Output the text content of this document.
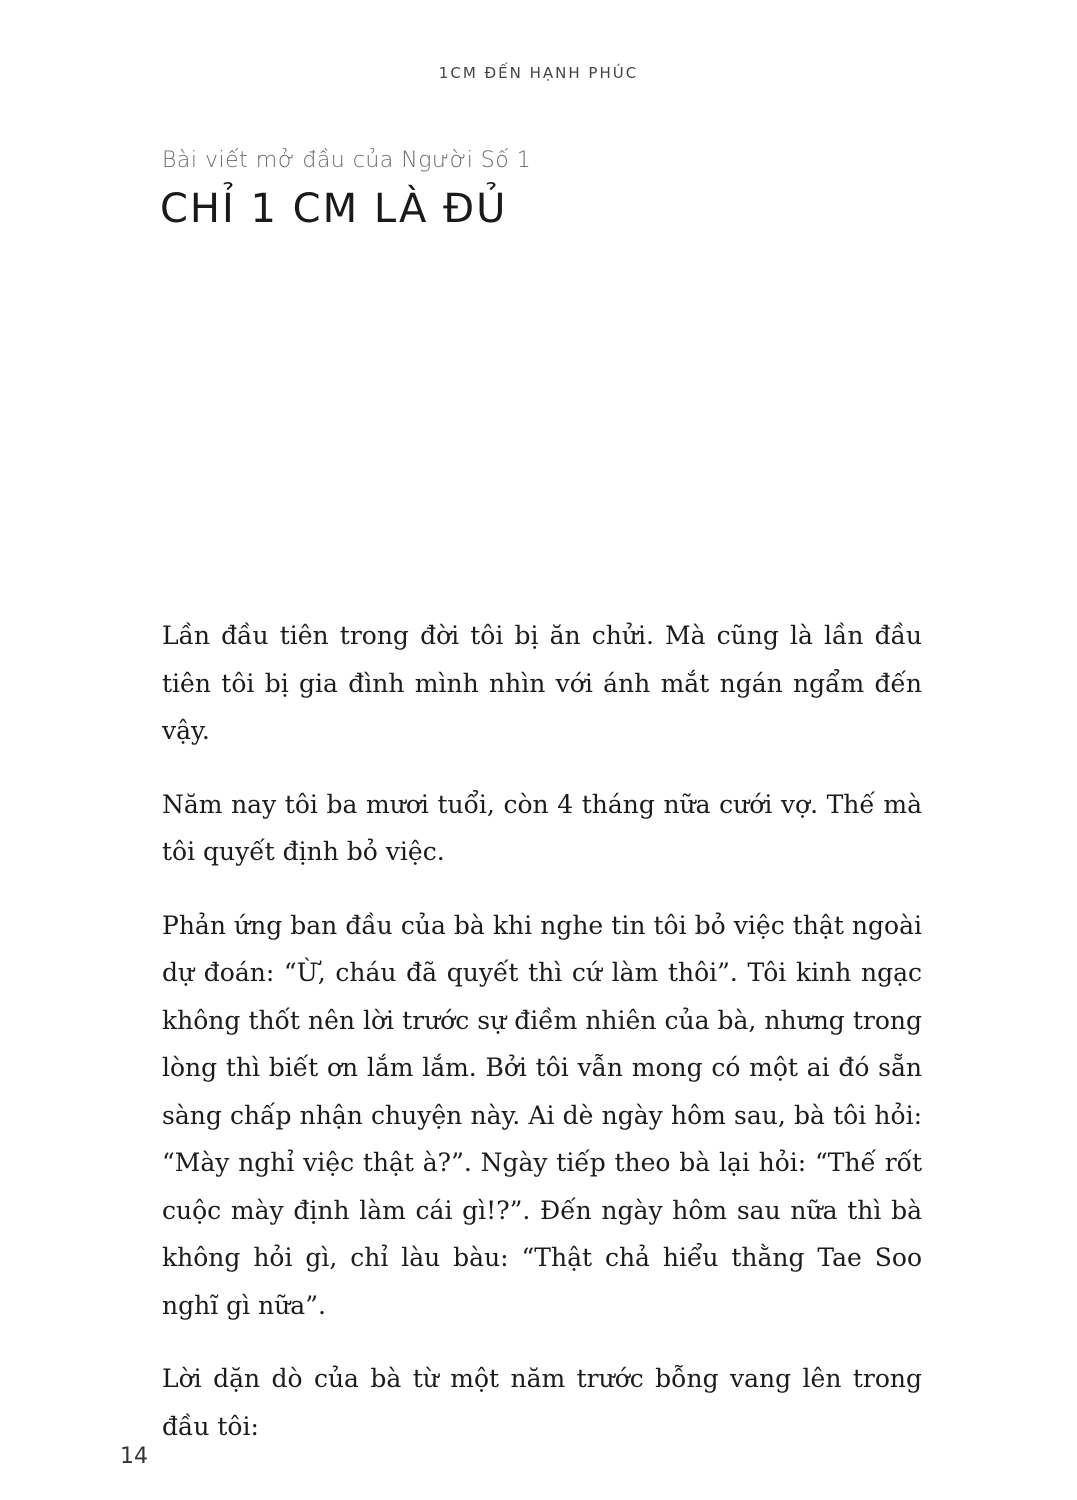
1CM ĐẾN HẠNH PHÚC
Bài viết mở đầu của Người Số 1
CHỈ 1 CM LÀ ĐỦ

Lần đầu tiên trong đời tôi bị ăn chửi. Mà cũng là lần đầu tiên tôi bị gia đình mình nhìn với ánh mắt ngán ngẩm đến vậy.

Năm nay tôi ba mươi tuổi, còn 4 tháng nữa cưới vợ. Thế mà tôi quyết định bỏ việc.

Phản ứng ban đầu của bà khi nghe tin tôi bỏ việc thật ngoài dự đoán: “Ừ, cháu đã quyết thì cứ làm thôi”. Tôi kinh ngạc không thốt nên lời trước sự điềm nhiên của bà, nhưng trong lòng thì biết ơn lắm lắm. Bởi tôi vẫn mong có một ai đó sẵn sàng chấp nhận chuyện này. Ai dè ngày hôm sau, bà tôi hỏi: “Mày nghỉ việc thật à?”. Ngày tiếp theo bà lại hỏi: “Thế rốt cuộc mày định làm cái gì!?”. Đến ngày hôm sau nữa thì bà không hỏi gì, chỉ làu bàu: “Thật chả hiểu thằng Tae Soo nghĩ gì nữa”.

Lời dặn dò của bà từ một năm trước bỗng vang lên trong đầu tôi:

14
